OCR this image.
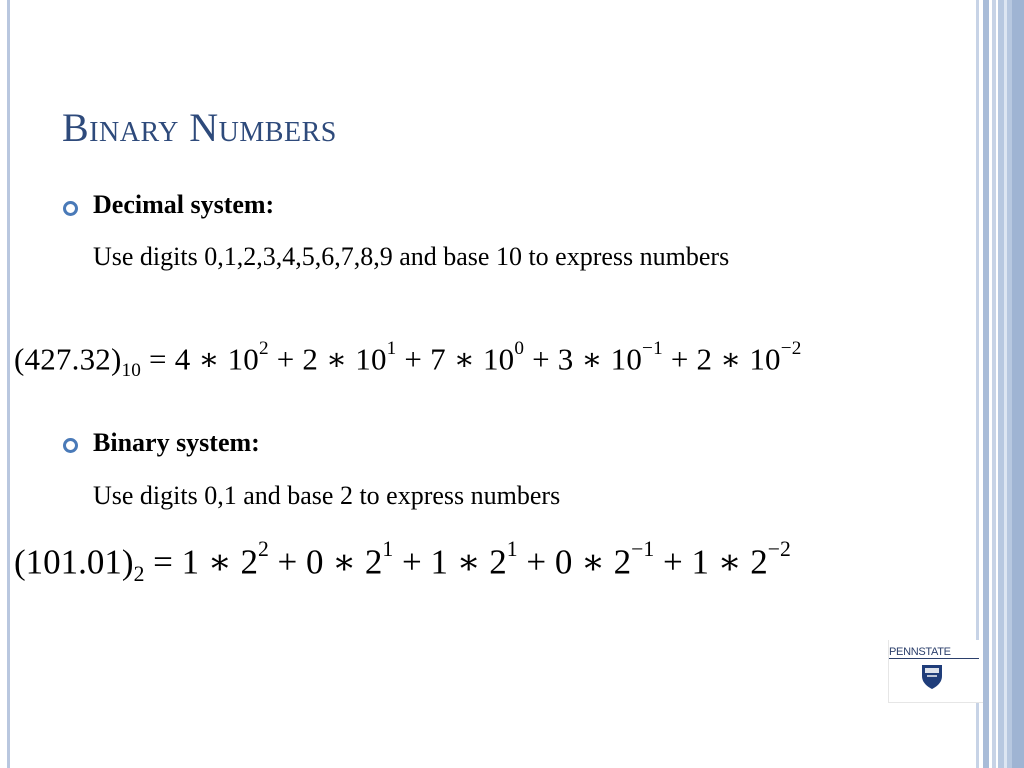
Binary Numbers
Decimal system:
Use digits 0,1,2,3,4,5,6,7,8,9 and base 10 to express numbers
$(427.32)_{10} = 4$ ∗ $10^2 + 2$ ∗ $10^1 + 7$ ∗ $10^0 + 3$ ∗ $10^{-1} + 2$ ∗ $10^{-2}$
Binary system:
Use digits 0,1 and base 2 to express numbers
$(101.01)_2 = 1$ ∗ $2^2 + 0$ ∗ $2^1 + 1$ ∗ $2^1 + 0$ ∗ $2^{-1} + 1$ ∗ $2^{-2}$
PENNSTATE
